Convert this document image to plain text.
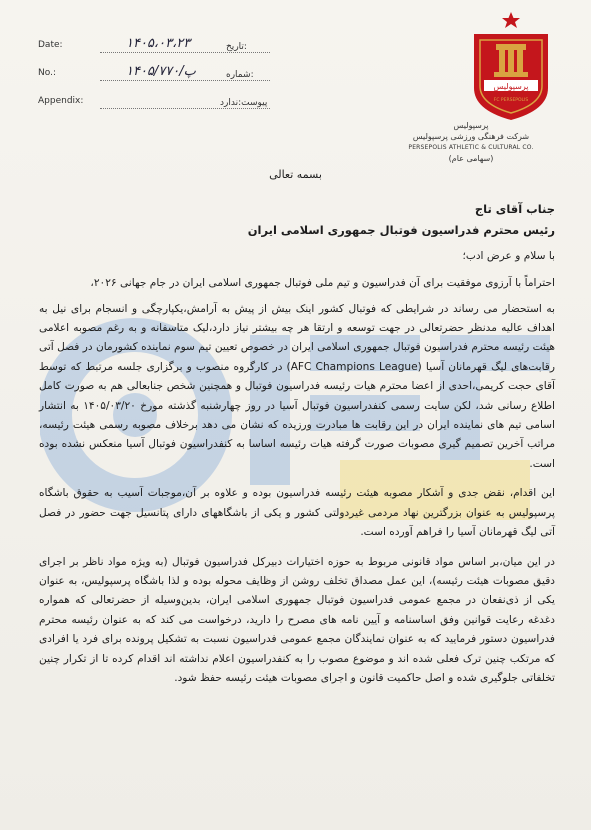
Date:	۱۴۰۵،۰۳،۲۳	تاریخ:
No.:	۱۴۰۵/پ/۷۷۰	شماره:
Appendix:	پیوست:ندارد
پرسپولیس
FC PERSEPOLIS
پرسپولیس
شرکت فرهنگی ورزشی پرسپولیس
PERSEPOLIS ATHLETIC & CULTURAL CO.
(سهامی عام)
بسمه تعالی

جناب آقای تاج

رئیس محترم فدراسیون فوتبال جمهوری اسلامی ایران

با سلام و عرض ادب؛

احتراماً با آرزوی موفقیت برای آن فدراسیون و تیم ملی فوتبال جمهوری اسلامی ایران در جام جهانی ۲۰۲۶،

به استحضار می رساند در شرایطی که فوتبال کشور اینک بیش از پیش به آرامش،یکپارچگی و انسجام برای نیل به اهداف عالیه مدنظر حضرتعالی در جهت توسعه و ارتقا هر چه بیشتر نیاز دارد،لیک متاسفانه و به رغم مصوبه اعلامی هیئت رئیسه محترم فدراسیون فوتبال جمهوری اسلامی ایران در خصوص تعیین تیم سوم نماینده کشورمان در فصل آتی رقابت‌های لیگ قهرمانان آسیا (AFC Champions League) در کارگروه منصوب و برگزاری جلسه مرتبط که توسط آقای حجت کریمی،احدی از اعضا محترم هیات رئیسه فدراسیون فوتبال و همچنین شخص جنابعالی هم به صورت کامل اطلاع رسانی شد، لکن سایت رسمی کنفدراسیون فوتبال آسیا در روز چهارشنبه گذشته مورخ ۱۴۰۵/۰۳/۲۰ به انتشار اسامی تیم های نماینده ایران در این رقابت ها مبادرت ورزیده که نشان می دهد برخلاف مصوبه رسمی هیئت رئیسه، مراتب آخرین تصمیم گیری مصوبات صورت گرفته هیات رئیسه اساسا به کنفدراسیون فوتبال آسیا منعکس نشده بوده است.

این اقدام، نقض جدی و آشکار مصوبه هیئت رئیسه فدراسیون بوده و علاوه بر آن،موجبات آسیب به حقوق باشگاه پرسپولیس به عنوان بزرگترین نهاد مردمی غیردولتی کشور و یکی از باشگاههای دارای پتانسیل جهت حضور در فصل آتی لیگ قهرمانان آسیا را فراهم آورده است.

در این میان،بر اساس مواد قانونی مربوط به حوزه اختیارات دبیرکل فدراسیون فوتبال (به ویژه مواد ناظر بر اجرای دقیق مصوبات هیئت رئیسه)، این عمل مصداق تخلف روشن از وظایف محوله بوده و لذا باشگاه پرسپولیس، به عنوان یکی از ذی‌نفعان در مجمع عمومی فدراسیون فوتبال جمهوری اسلامی ایران، بدین‌وسیله از حضرتعالی که همواره دغدغه رعایت قوانین وفق اساسنامه و آیین نامه های مصرح را دارید، درخواست می کند که به عنوان رئیسه محترم فدراسیون دستور فرمایید که به عنوان نمایندگان مجمع عمومی فدراسیون نسبت به تشکیل پرونده برای فرد یا افرادی که مرتکب چنین ترک فعلی شده اند و موضوع مصوب را به کنفدراسیون اعلام نداشته اند اقدام کرده تا از تکرار چنین تخلفاتی جلوگیری شده و اصل حاکمیت قانون و اجرای مصوبات هیئت رئیسه حفظ شود.
